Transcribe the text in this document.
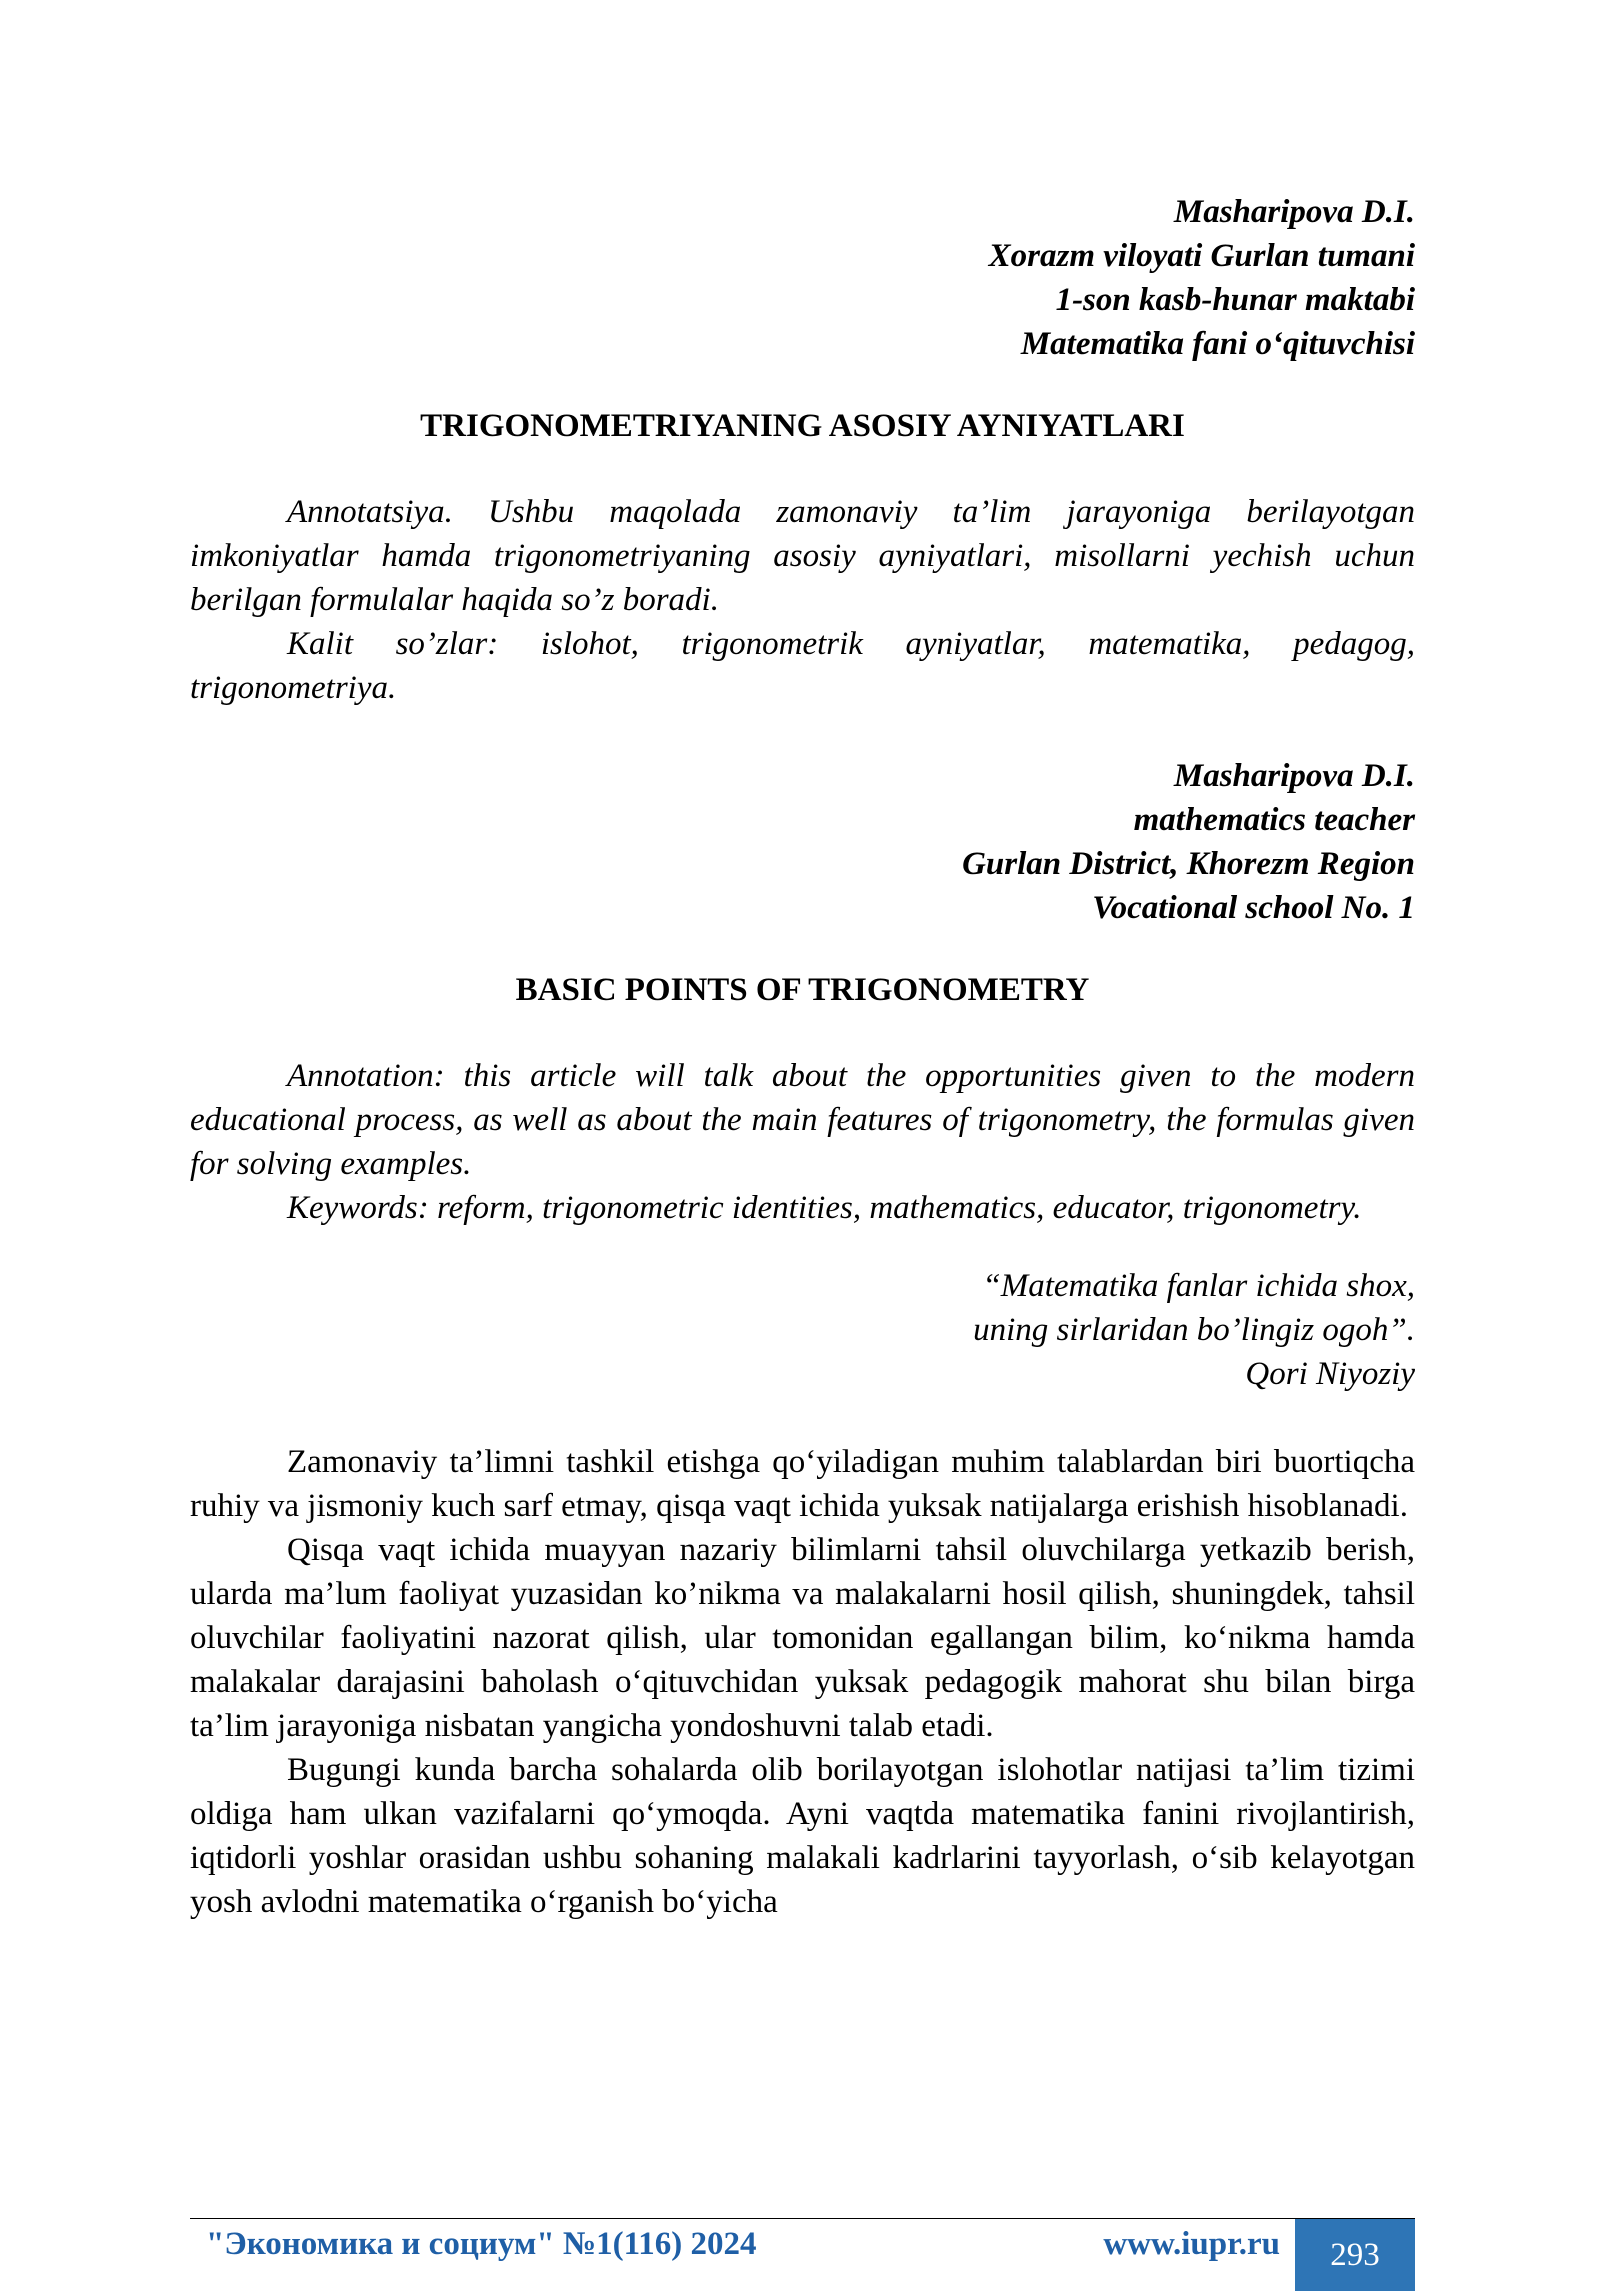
Masharipova D.I.
Xorazm viloyati Gurlan tumani
1-son kasb-hunar maktabi
Matematika fani o‘qituvchisi
TRIGONOMETRIYANING ASOSIY AYNIYATLARI

Annotatsiya. Ushbu maqolada zamonaviy ta’lim jarayoniga berilayotgan imkoniyatlar hamda trigonometriyaning asosiy ayniyatlari, misollarni yechish uchun berilgan formulalar haqida so’z boradi.

Kalit so’zlar: islohot, trigonometrik ayniyatlar, matematika, pedagog, trigonometriya.

Masharipova D.I.
mathematics teacher
Gurlan District, Khorezm Region
Vocational school No. 1
BASIC POINTS OF TRIGONOMETRY

Annotation: this article will talk about the opportunities given to the modern educational process, as well as about the main features of trigonometry, the formulas given for solving examples.

Keywords: reform, trigonometric identities, mathematics, educator, trigonometry.

“Matematika fanlar ichida shox,
uning sirlaridan bo’lingiz ogoh”.
Qori Niyoziy

Zamonaviy ta’limni tashkil etishga qo‘yiladigan muhim talablardan biri buortiqcha ruhiy va jismoniy kuch sarf etmay, qisqa vaqt ichida yuksak natijalarga erishish hisoblanadi.

Qisqa vaqt ichida muayyan nazariy bilimlarni tahsil oluvchilarga yetkazib berish, ularda ma’lum faoliyat yuzasidan ko’nikma va malakalarni hosil qilish, shuningdek, tahsil oluvchilar faoliyatini nazorat qilish, ular tomonidan egallangan bilim, ko‘nikma hamda malakalar darajasini baholash o‘qituvchidan yuksak pedagogik mahorat shu bilan birga ta’lim jarayoniga nisbatan yangicha yondoshuvni talab etadi.

Bugungi kunda barcha sohalarda olib borilayotgan islohotlar natijasi ta’lim tizimi oldiga ham ulkan vazifalarni qo‘ymoqda. Ayni vaqtda matematika fanini rivojlantirish, iqtidorli yoshlar orasidan ushbu sohaning malakali kadrlarini tayyorlash, o‘sib kelayotgan yosh avlodni matematika o‘rganish bo‘yicha

"Экономика и социум" №1(116) 2024	www.iupr.ru	293
